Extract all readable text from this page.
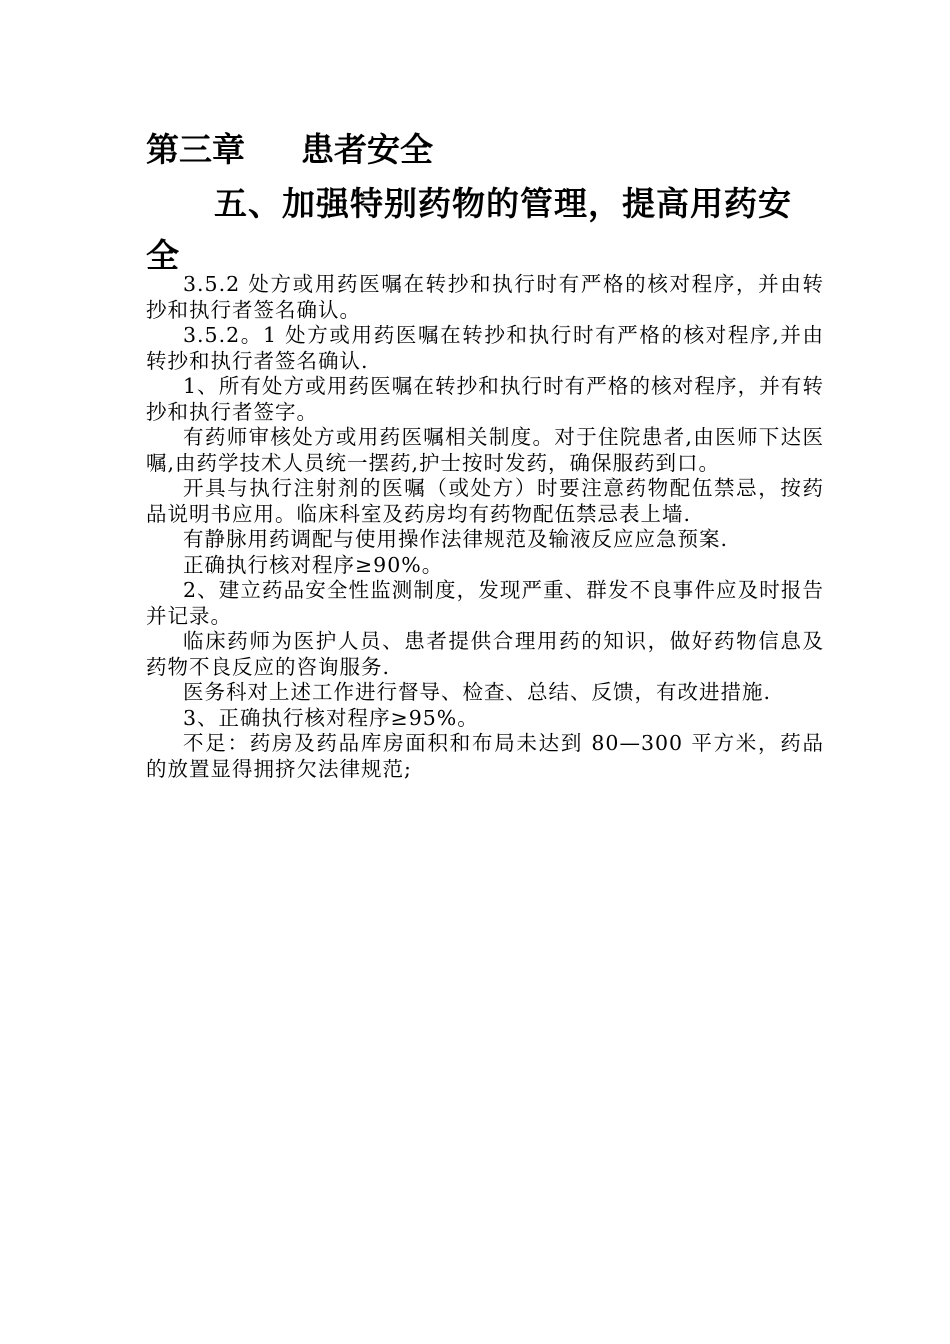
第三章 患者安全
五、加强特别药物的管理，提高用药安全

3.5.2 处方或用药医嘱在转抄和执行时有严格的核对程序，并由转抄和执行者签名确认。

3.5.2。1 处方或用药医嘱在转抄和执行时有严格的核对程序,并由转抄和执行者签名确认.

1、所有处方或用药医嘱在转抄和执行时有严格的核对程序，并有转抄和执行者签字。

有药师审核处方或用药医嘱相关制度。对于住院患者,由医师下达医嘱,由药学技术人员统一摆药,护士按时发药，确保服药到口。

开具与执行注射剂的医嘱（或处方）时要注意药物配伍禁忌，按药品说明书应用。临床科室及药房均有药物配伍禁忌表上墙.

有静脉用药调配与使用操作法律规范及输液反应应急预案.

正确执行核对程序≥90%。

2、建立药品安全性监测制度，发现严重、群发不良事件应及时报告并记录。

临床药师为医护人员、患者提供合理用药的知识，做好药物信息及药物不良反应的咨询服务.

医务科对上述工作进行督导、检查、总结、反馈，有改进措施.

3、正确执行核对程序≥95%。

不足：药房及药品库房面积和布局未达到 80—300 平方米，药品的放置显得拥挤欠法律规范;
